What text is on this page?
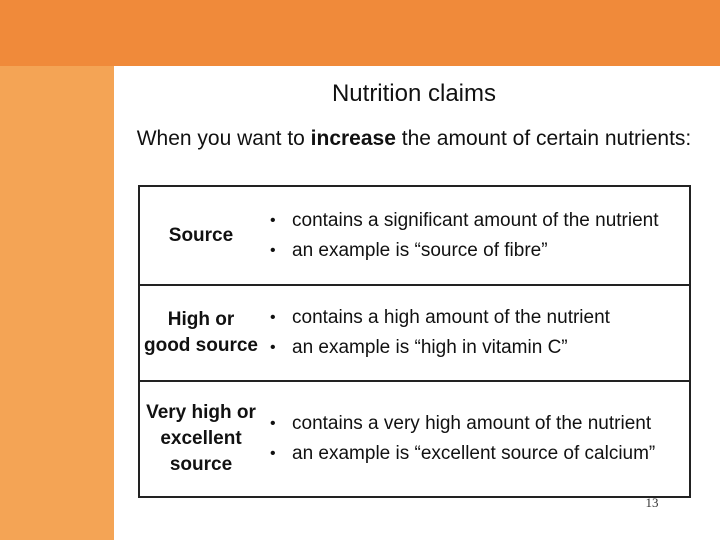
Nutrition claims
When you want to increase the amount of certain nutrients:
Source
• contains a significant amount of the nutrient
• an example is “source of fibre”
High or good source
• contains a high amount of the nutrient
• an example is “high in vitamin C”
Very high or excellent source
• contains a very high amount of the nutrient
• an example is “excellent source of calcium”
13
